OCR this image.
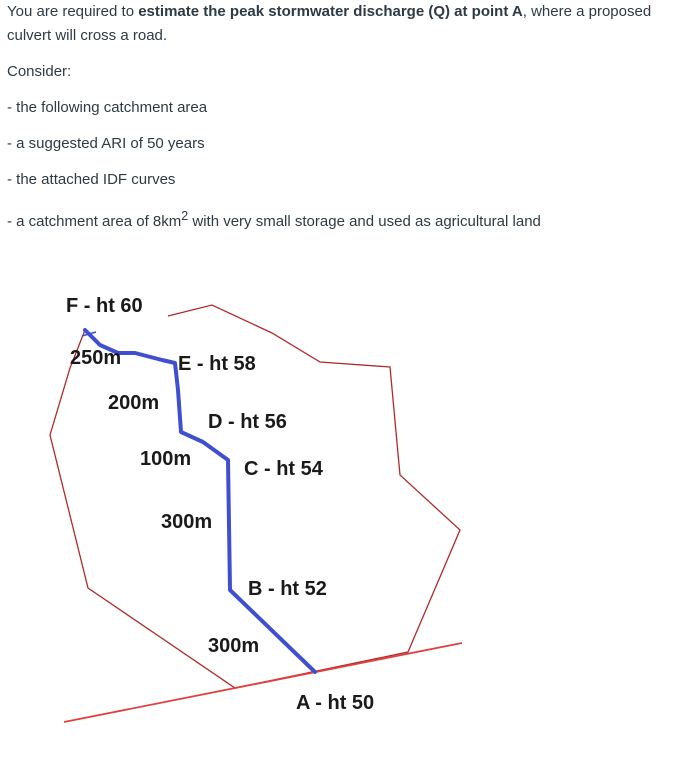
You are required to estimate the peak stormwater discharge (Q) at point A, where a proposed culvert will cross a road.

Consider:

- the following catchment area

- a suggested ARI of 50 years

- the attached IDF curves

- a catchment area of $8km^2$ with very small storage and used as agricultural land

F - ht 60
E - ht 58
D - ht 56
C - ht 54
B - ht 52
A - ht 50
250m
200m
100m
300m
300m
